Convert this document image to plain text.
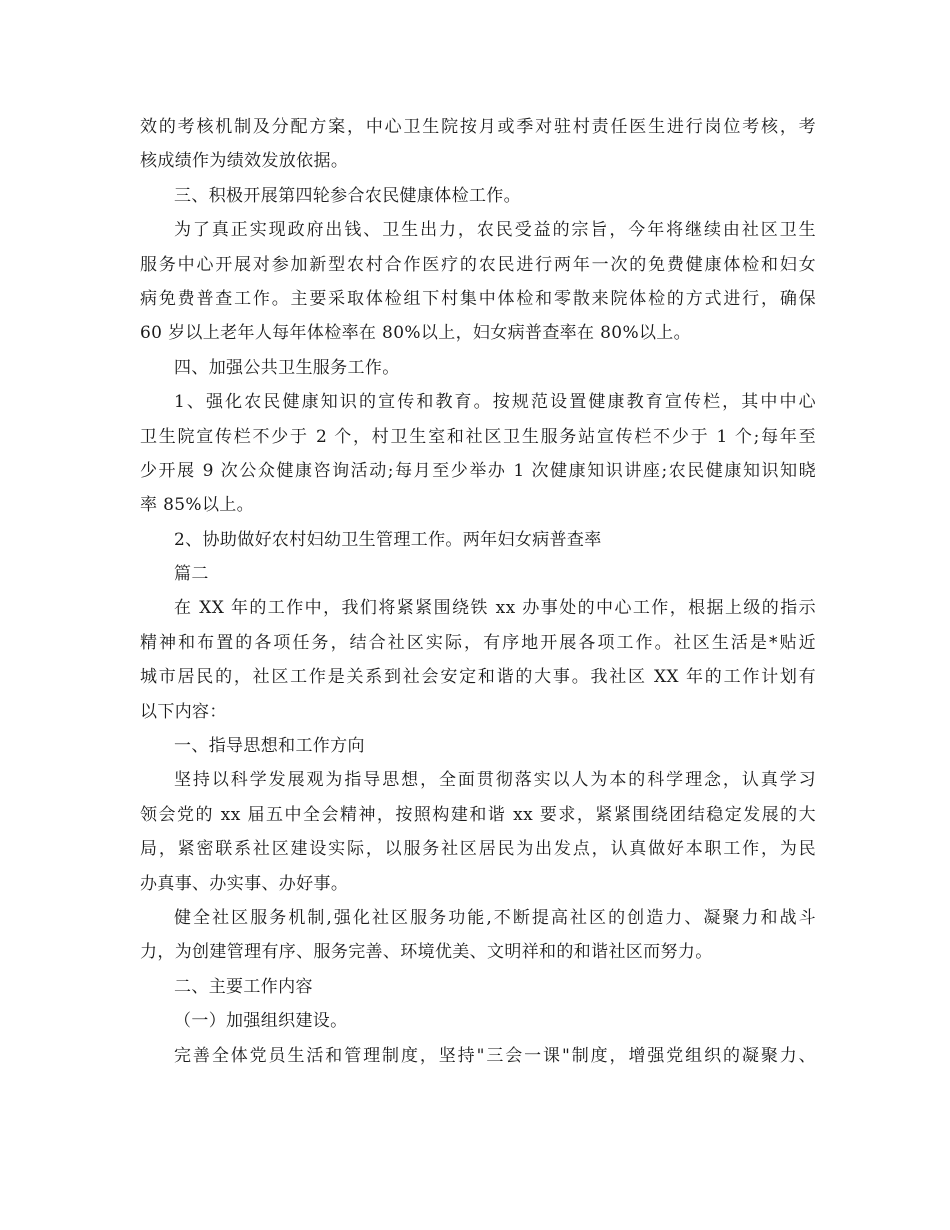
效的考核机制及分配方案，中心卫生院按月或季对驻村责任医生进行岗位考核，考
核成绩作为绩效发放依据。
三、积极开展第四轮参合农民健康体检工作。
为了真正实现政府出钱、卫生出力，农民受益的宗旨，今年将继续由社区卫生
服务中心开展对参加新型农村合作医疗的农民进行两年一次的免费健康体检和妇女
病免费普查工作。主要采取体检组下村集中体检和零散来院体检的方式进行，确保
60 岁以上老年人每年体检率在 80%以上，妇女病普查率在 80%以上。
四、加强公共卫生服务工作。
1、强化农民健康知识的宣传和教育。按规范设置健康教育宣传栏，其中中心
卫生院宣传栏不少于 2 个，村卫生室和社区卫生服务站宣传栏不少于 1 个;每年至
少开展 9 次公众健康咨询活动;每月至少举办 1 次健康知识讲座;农民健康知识知晓
率 85%以上。
2、协助做好农村妇幼卫生管理工作。两年妇女病普查率
篇二
在 XX 年的工作中，我们将紧紧围绕铁 xx 办事处的中心工作，根据上级的指示
精神和布置的各项任务，结合社区实际，有序地开展各项工作。社区生活是*贴近
城市居民的，社区工作是关系到社会安定和谐的大事。我社区 XX 年的工作计划有
以下内容：
一、指导思想和工作方向
坚持以科学发展观为指导思想，全面贯彻落实以人为本的科学理念，认真学习
领会党的 xx 届五中全会精神，按照构建和谐 xx 要求，紧紧围绕团结稳定发展的大
局，紧密联系社区建设实际，以服务社区居民为出发点，认真做好本职工作，为民
办真事、办实事、办好事。
健全社区服务机制,强化社区服务功能,不断提高社区的创造力、凝聚力和战斗
力，为创建管理有序、服务完善、环境优美、文明祥和的和谐社区而努力。
二、主要工作内容
（一）加强组织建设。
完善全体党员生活和管理制度，坚持"三会一课"制度，增强党组织的凝聚力、
